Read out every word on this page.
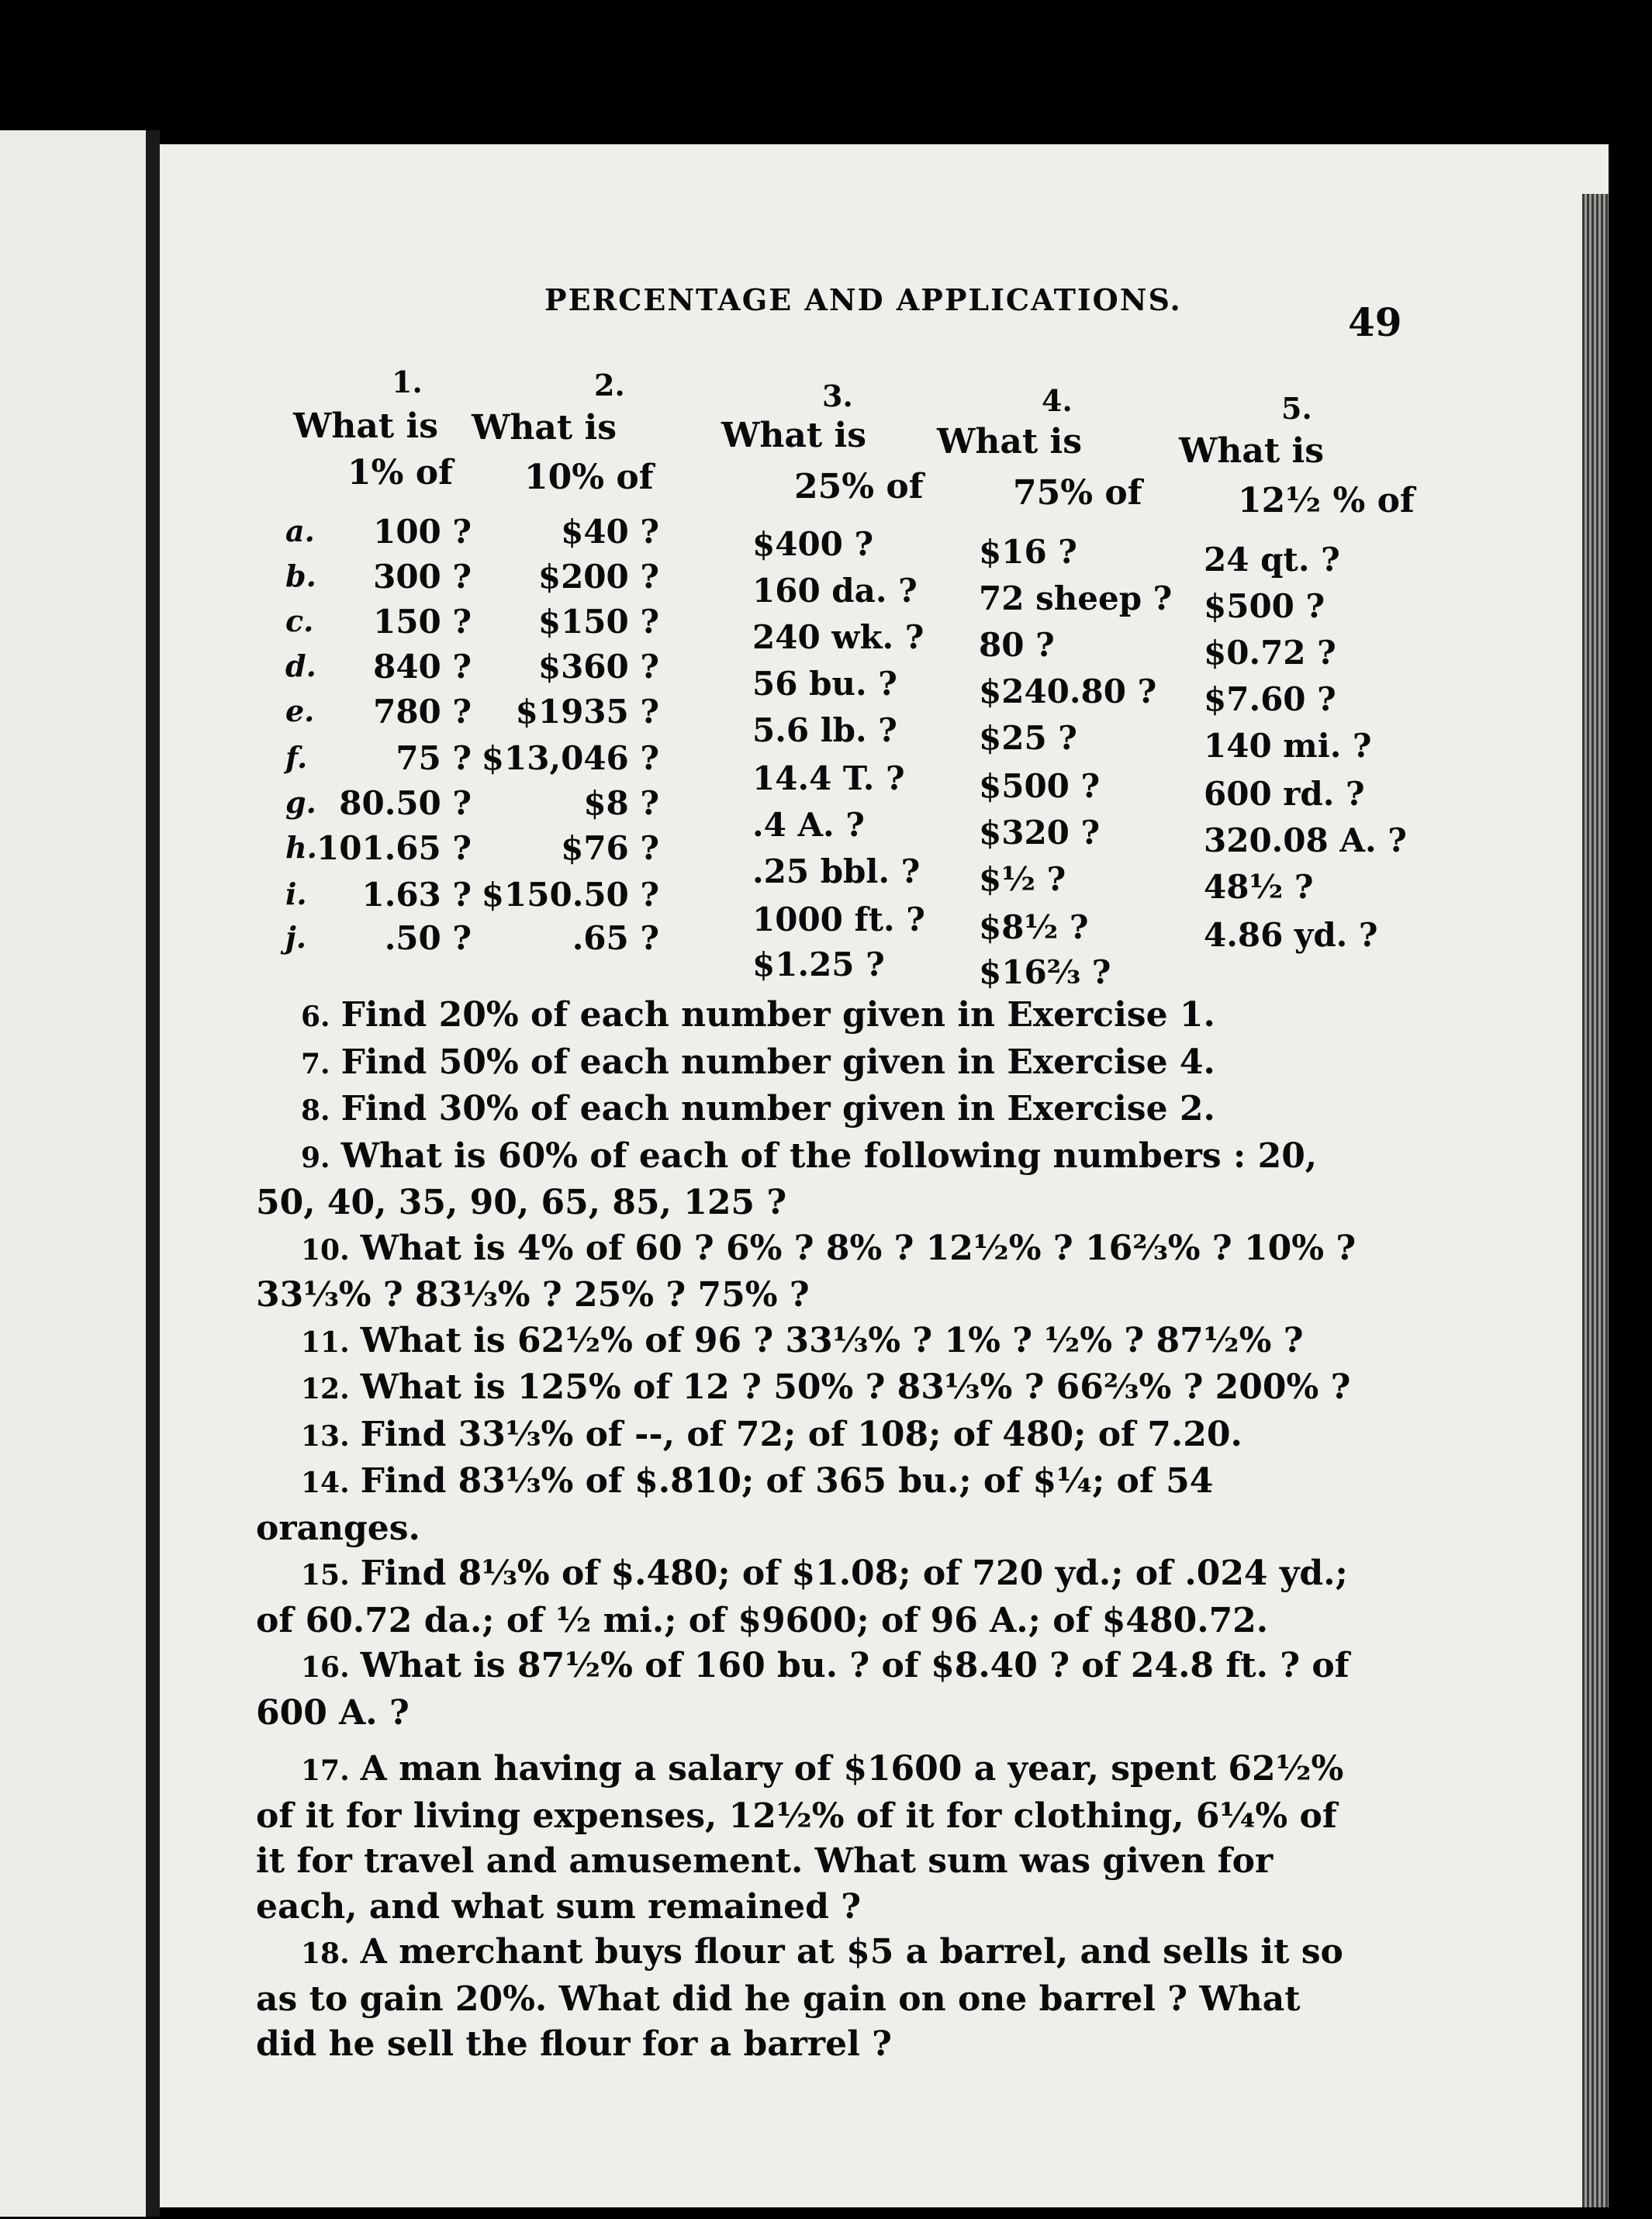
PERCENTAGE AND APPLICATIONS.	49
a.
b.
c.
d.
e.
f.
g.
h.
i.
j.
1.
What is
1% of
100 ?
300 ?
150 ?
840 ?
780 ?
75 ?
80.50 ?
101.65 ?
1.63 ?
.50 ?
2.
What is
10% of
$40 ?
$200 ?
$150 ?
$360 ?
$1935 ?
$13,046 ?
$8 ?
$76 ?
$150.50 ?
.65 ?
3.
What is
25% of
$400 ?
160 da. ?
240 wk. ?
56 bu. ?
5.6 lb. ?
14.4 T. ?
.4 A. ?
.25 bbl. ?
1000 ft. ?
$1.25 ?
4.
What is
75% of
$16 ?
72 sheep ?
80 ?
$240.80 ?
$25 ?
$500 ?
$320 ?
$½ ?
$8½ ?
$16⅔ ?
5.
What is
12½ % of
24 qt. ?
$500 ?
$0.72 ?
$7.60 ?
140 mi. ?
600 rd. ?
320.08 A. ?
48½ ?
4.86 yd. ?

6. Find 20% of each number given in Exercise 1.

7. Find 50% of each number given in Exercise 4.

8. Find 30% of each number given in Exercise 2.

9. What is 60% of each of the following numbers : 20, 50, 40, 35, 90, 65, 85, 125 ?

10. What is 4% of 60 ? 6% ? 8% ? 12½% ? 16⅔% ? 10% ? 33⅓% ? 83⅓% ? 25% ? 75% ?

11. What is 62½% of 96 ? 33⅓% ? 1% ? ½% ? 87½% ?

12. What is 125% of 12 ? 50% ? 83⅓% ? 66⅔% ? 200% ?

13. Find 33⅓% of --, of 72; of 108; of 480; of 7.20.

14. Find 83⅓% of $.810; of 365 bu.; of $¼; of 54 oranges.

15. Find 8⅓% of $.480; of $1.08; of 720 yd.; of .024 yd.; of 60.72 da.; of ½ mi.; of $9600; of 96 A.; of $480.72.

16. What is 87½% of 160 bu. ? of $8.40 ? of 24.8 ft. ? of 600 A. ?

17. A man having a salary of $1600 a year, spent 62½% of it for living expenses, 12½% of it for clothing, 6¼% of it for travel and amusement. What sum was given for each, and what sum remained ?

18. A merchant buys flour at $5 a barrel, and sells it so as to gain 20%. What did he gain on one barrel ? What did he sell the flour for a barrel ?
